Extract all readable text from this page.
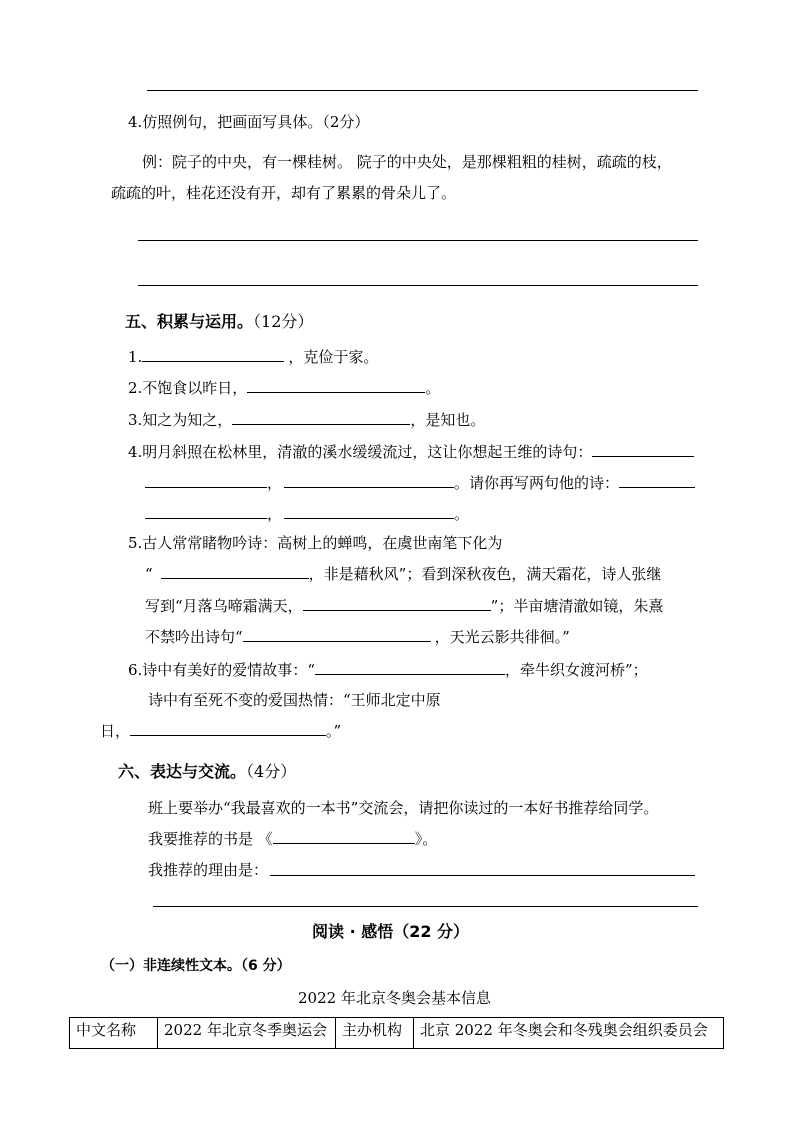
4.仿照例句，把画面写具体。（2分）
例：院子的中央，有一棵桂树。 院子的中央处，是那棵粗粗的桂树，疏疏的枝，
疏疏的叶，桂花还没有开，却有了累累的骨朵儿了。
五、积累与运用。（12分）
1.	，克俭于家。
2.不饱食以昨日，	。
3.知之为知之，	，是知也。
4.明月斜照在松林里，清澈的溪水缓缓流过，这让你想起王维的诗句：
，	。请你再写两句他的诗：
，	。
5.古人常常睹物吟诗：高树上的蝉鸣，在虞世南笔下化为
“	，非是藉秋风”；看到深秋夜色，满天霜花，诗人张继
写到“月落乌啼霜满天，	”；半亩塘清澈如镜，朱熹
不禁吟出诗句“	，天光云影共徘徊。”
6.诗中有美好的爱情故事：“	，牵牛织女渡河桥”；
诗中有至死不变的爱国热情：“王师北定中原
日，	。”
六、表达与交流。（4分）
班上要举办“我最喜欢的一本书”交流会，请把你读过的一本好书推荐给同学。
我要推荐的书是 《	》。
我推荐的理由是：
阅读 · 感悟（22 分）
（一）非连续性文本。（6 分）
2022 年北京冬奥会基本信息
中文名称	2022 年北京冬季奥运会	主办机构	北京 2022 年冬奥会和冬残奥会组织委员会
